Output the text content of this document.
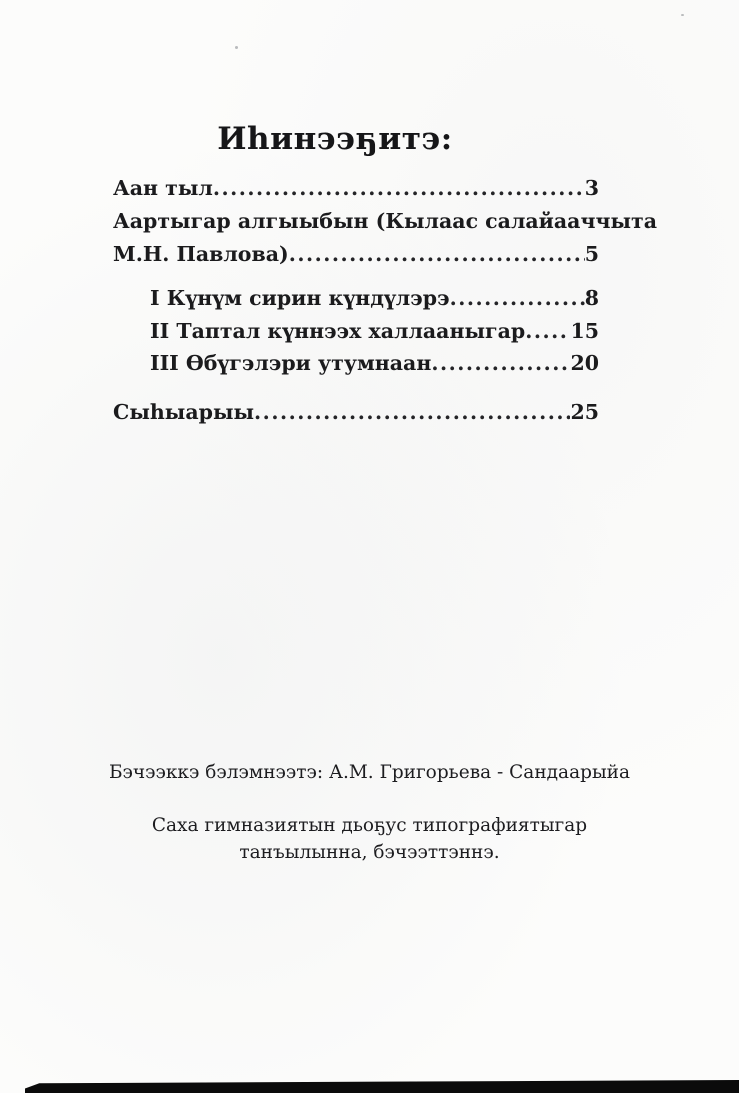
Иһинээҕитэ:
Аан тыл .....	3
Аартыгар алгыыбын (Кылаас салайааччыта
М.Н. Павлова) .....	5
I Күнүм сирин күндүлэрэ .....	8
II Таптал күннээх халлааныгар ..... 15
III Өбүгэлэри утумнаан .....	20
Сыһыарыы .....	25
Бэчээккэ бэлэмнээтэ: А.М. Григорьева - Сандаарыйа
Саха гимназиятын дьоҕус типографиятыгар
танъылынна, бэчээттэннэ.
